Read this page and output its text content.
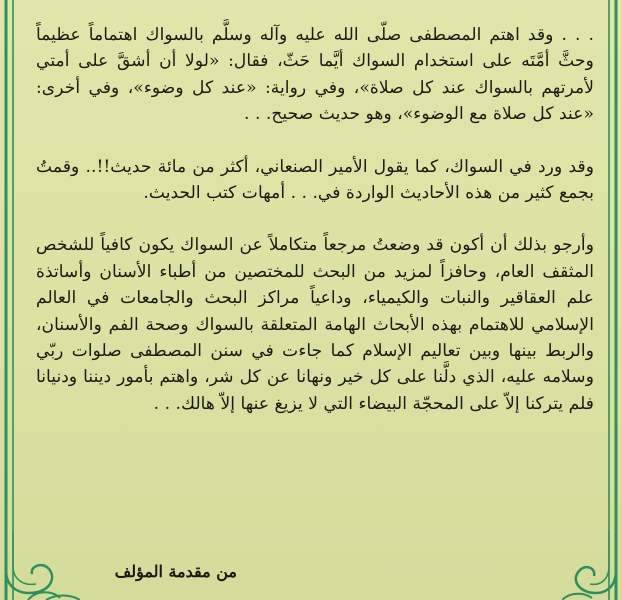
. . . وقد اهتم المصطفى صلّى الله عليه وآله وسلَّم بالسواك اهتماماً عظيماً وحثَّ أمَّتَه على استخدام السواك أيَّما حَثّ، فقال: «لولا أن أشقَّ على أمتي لأمرتهم بالسواك عند كل صلاة»، وفي رواية: «عند كل وضوء»، وفي أخرى: «عند كل صلاة مع الوضوء»، وهو حديث صحيح. . .

وقد ورد في السواك، كما يقول الأمير الصنعاني، أكثر من مائة حديث!!.. وقمتُ بجمع كثير من هذه الأحاديث الواردة في. . . أمهات كتب الحديث.

وأرجو بذلك أن أكون قد وضعتُ مرجعاً متكاملاً عن السواك يكون كافياً للشخص المثقف العام، وحافزاً لمزيد من البحث للمختصين من أطباء الأسنان وأساتذة علم العقاقير والنبات والكيمياء، وداعياً مراكز البحث والجامعات في العالم الإسلامي للاهتمام بهذه الأبحاث الهامة المتعلقة بالسواك وصحة الفم والأسنان، والربط بينها وبين تعاليم الإسلام كما جاءت في سنن المصطفى صلوات ربّي وسلامه عليه، الذي دلَّنا على كل خير ونهانا عن كل شر، واهتم بأمور ديننا ودنيانا فلم يتركنا إلاّ على المحجّة البيضاء التي لا يزيغ عنها إلاّ هالك. . .

من مقدمة المؤلف
